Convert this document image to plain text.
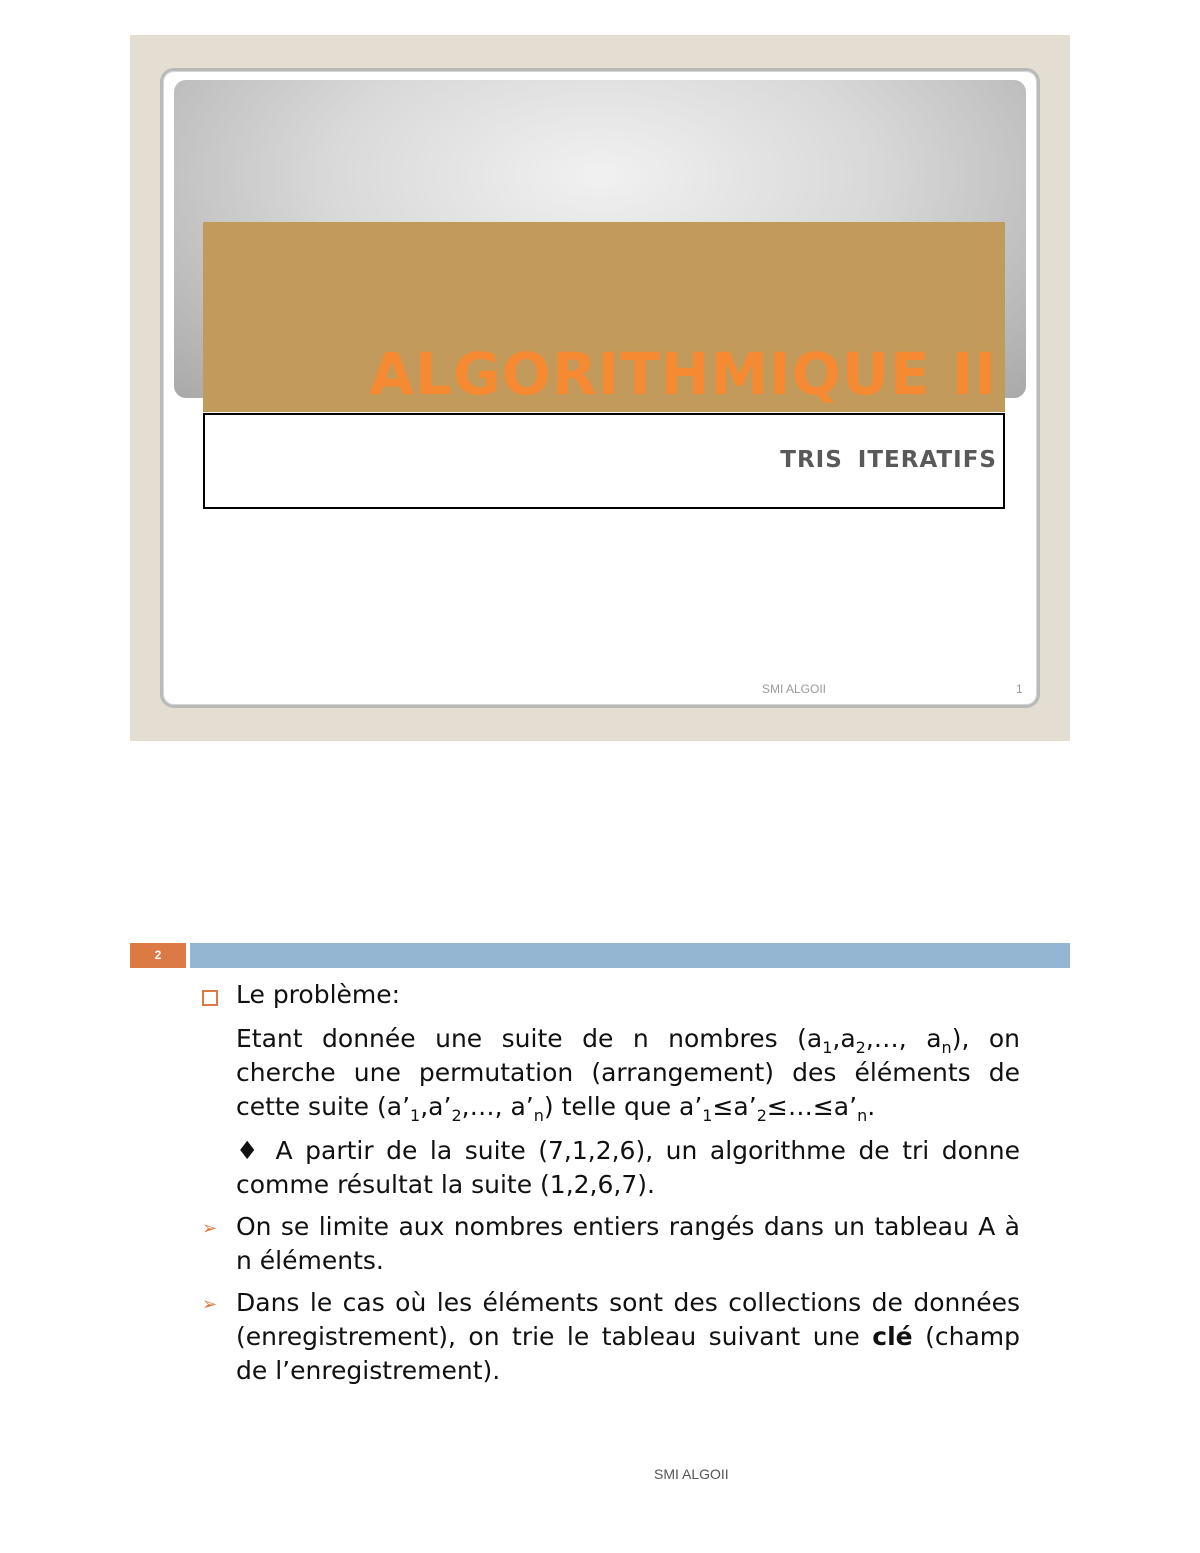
ALGORITHMIQUE II
TRIS ITERATIFS
SMI ALGOII	1
2
Le problème:
Etant donnée une suite de n nombres ($a_1,a_2,\dots$, $a_n$), on cherche une permutation (arrangement) des éléments de cette suite ($a’_1,a’_2,\dots$, $a’_n$) telle que $a’_1\le a’_2\le\dots\le a’_n$.
♦ A partir de la suite (7,1,2,6), un algorithme de tri donne comme résultat la suite (1,2,6,7).
➢ On se limite aux nombres entiers rangés dans un tableau A à n éléments.
➢ Dans le cas où les éléments sont des collections de données (enregistrement), on trie le tableau suivant une clé (champ de l’enregistrement).
SMI ALGOII
